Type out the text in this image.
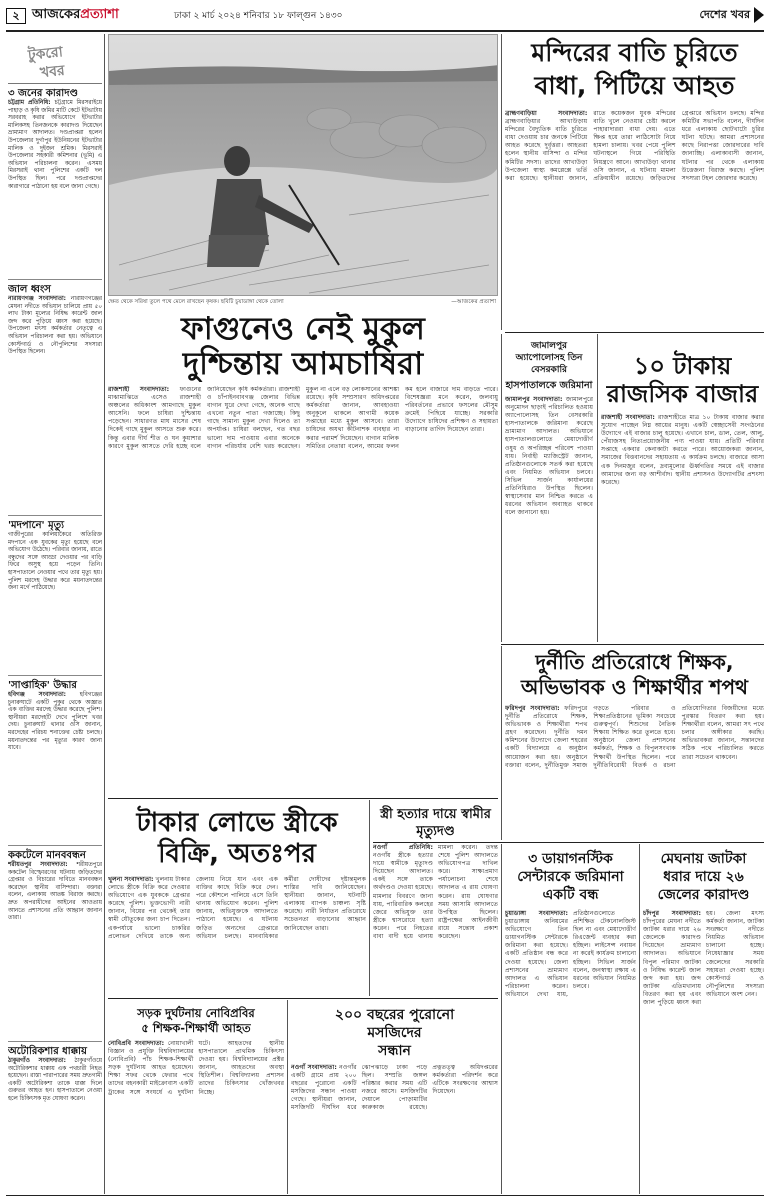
২ আজকেরপ্রত্যাশা	ঢাকা ২ মার্চ ২০২৪ শনিবার ১৮ ফাল্গুন ১৪৩০	দেশের খবর
টুকরো
খবর
৩ জনের কারাদণ্ড
চট্টগ্রাম প্রতিনিধি: চট্টগ্রামে মিরসরাইয়ে পাহাড় ও কৃষি জমির মাটি কেটে ইটভাটায় সরবরাহ করার অভিযোগে ইটভাটার মালিকসহ তিনজনকে কারাদণ্ড দিয়েছেন ভ্রাম্যমাণ আদালত। দণ্ডপ্রাপ্তরা হলেন উপজেলার দুর্গাপুর ইউনিয়নের ইটভাটার মালিক ও দুইজন শ্রমিক। মিরসরাই উপজেলার সহকারী কমিশনার (ভূমি) এ অভিযান পরিচালনা করেন। এসময় মিরসরাই থানা পুলিশের একটি দল উপস্থিত ছিল। পরে দণ্ডপ্রাপ্তদের কারাগারে পাঠানো হয় বলে জানা গেছে।
জাল ধ্বংস
নারায়ণগঞ্জ সংবাদদাতা: নারায়ণগঞ্জের মেঘনা নদীতে অভিযান চালিয়ে প্রায় ৫০ লাখ টাকা মূল্যের নিষিদ্ধ কারেন্ট জাল জব্দ করে পুড়িয়ে ধ্বংস করা হয়েছে। উপজেলা মৎস্য কর্মকর্তার নেতৃত্বে এ অভিযান পরিচালনা করা হয়। অভিযানে কোস্টগার্ড ও নৌপুলিশের সদস্যরা উপস্থিত ছিলেন।
'মদপানে' মৃত্যু
গাজীপুরের কালিয়াকৈরে অতিরিক্ত মদপানে এক যুবকের মৃত্যু হয়েছে বলে অভিযোগ উঠেছে। পরিবার জানায়, রাতে বন্ধুদের সঙ্গে আড্ডা দেওয়ার পর বাড়ি ফিরে অসুস্থ হয়ে পড়েন তিনি। হাসপাতালে নেওয়ার পথে তার মৃত্যু হয়। পুলিশ মরদেহ উদ্ধার করে ময়নাতদন্তের জন্য মর্গে পাঠিয়েছে।
'সাপ্তাহিক' উদ্ধার
হবিগঞ্জ সংবাদদাতা: হবিগঞ্জের চুনারুঘাটে একটি পুকুর থেকে অজ্ঞাত এক ব্যক্তির মরদেহ উদ্ধার করেছে পুলিশ। স্থানীয়রা মরদেহটি দেখে পুলিশে খবর দেয়। চুনারুঘাট থানার ওসি জানান, মরদেহের পরিচয় শনাক্তের চেষ্টা চলছে। ময়নাতদন্তের পর মৃত্যুর কারণ জানা যাবে।
ককটেলে মানববন্ধন
শরীয়তপুর সংবাদদাতা: শরীয়তপুরে ককটেল বিস্ফোরণের ঘটনায় জড়িতদের গ্রেপ্তার ও বিচারের দাবিতে মানববন্ধন করেছেন স্থানীয় বাসিন্দারা। বক্তারা বলেন, এলাকায় আতঙ্ক বিরাজ করছে। দ্রুত অপরাধীদের আইনের আওতায় আনতে প্রশাসনের প্রতি আহ্বান জানান তারা।
অটোরিকশার ধাক্কায়
ঠাকুরগাঁও সংবাদদাতা: ঠাকুরগাঁওয়ে অটোরিকশার ধাক্কায় এক পথচারী নিহত হয়েছেন। রাস্তা পারাপারের সময় দ্রুতগামী একটি অটোরিকশা তাকে ধাক্কা দিলে গুরুতর আহত হন। হাসপাতালে নেওয়া হলে চিকিৎসক মৃত ঘোষণা করেন।
ক্ষেত থেকে সরিষা তুলে পথে মেলে রাখছেন কৃষক। ছবিটি চুয়াডাঙ্গা থেকে তোলা	—আজকের প্রত্যাশা
মন্দিরের বাতি চুরিতে বাধা, পিটিয়ে আহত
ব্রাহ্মণবাড়িয়া সংবাদদাতা: ব্রাহ্মণবাড়িয়ার আখাউড়ায় মন্দিরের বৈদ্যুতিক বাতি চুরিতে বাধা দেওয়ায় চার জনকে পিটিয়ে আহত করেছে দুর্বৃত্তরা। আহতরা হলেন স্থানীয় বাসিন্দা ও মন্দির কমিটির সদস্য। তাদের আখাউড়া উপজেলা স্বাস্থ্য কমপ্লেক্সে ভর্তি করা হয়েছে। স্থানীয়রা জানান, রাতে কয়েকজন যুবক মন্দিরের বাতি খুলে নেওয়ার চেষ্টা করলে পাহারাদাররা বাধা দেয়। এতে ক্ষিপ্ত হয়ে তারা লাঠিসোটা নিয়ে হামলা চালায়। খবর পেয়ে পুলিশ ঘটনাস্থলে গিয়ে পরিস্থিতি নিয়ন্ত্রণে আনে। আখাউড়া থানার ওসি জানান, এ ঘটনায় মামলা প্রক্রিয়াধীন রয়েছে। জড়িতদের গ্রেপ্তারে অভিযান চলছে। মন্দির কমিটির সভাপতি বলেন, দীর্ঘদিন ধরে এলাকায় ছোটখাটো চুরির ঘটনা ঘটছে। আমরা প্রশাসনের কাছে নিরাপত্তা জোরদারের দাবি জানাচ্ছি। এলাকাবাসী জানান, ঘটনার পর থেকে এলাকায় উত্তেজনা বিরাজ করছে। পুলিশ সদস্যরা টহল জোরদার করেছে।
ফাগুনেও নেই মুকুল
দুশ্চিন্তায় আমচাষিরা
রাজশাহী সংবাদদাতা: ফাগুনের মাঝামাঝিতে এসেও রাজশাহী অঞ্চলের অধিকাংশ আমগাছে মুকুল আসেনি। ফলে চাষিরা দুশ্চিন্তায় পড়েছেন। সাধারণত মাঘ মাসের শেষ দিকেই গাছে মুকুল আসতে শুরু করে। কিন্তু এবার দীর্ঘ শীত ও ঘন কুয়াশার কারণে মুকুল আসতে দেরি হচ্ছে বলে জানিয়েছেন কৃষি কর্মকর্তারা। রাজশাহী ও চাঁপাইনবাবগঞ্জ জেলার বিভিন্ন বাগান ঘুরে দেখা গেছে, অনেক গাছে এখনো নতুন পাতা গজাচ্ছে। কিছু গাছে সামান্য মুকুল দেখা দিলেও তা অপর্যাপ্ত। চাষিরা বলছেন, গত বছর ভালো দাম পাওয়ায় এবার অনেকে বাগান পরিচর্যায় বেশি খরচ করেছেন। মুকুল না এলে বড় লোকসানের আশঙ্কা রয়েছে। কৃষি সম্প্রসারণ অধিদপ্তরের কর্মকর্তারা জানান, আবহাওয়া অনুকূলে থাকলে আগামী কয়েক সপ্তাহের মধ্যে মুকুল আসবে। তারা চাষিদের অযথা কীটনাশক ব্যবহার না করার পরামর্শ দিয়েছেন। বাগান মালিক সমিতির নেতারা বলেন, আমের ফলন কম হলে বাজারে দাম বাড়তে পারে। বিশেষজ্ঞরা মনে করেন, জলবায়ু পরিবর্তনের প্রভাবে ফসলের মৌসুম ক্রমেই পিছিয়ে যাচ্ছে। সরকারি উদ্যোগে চাষিদের প্রশিক্ষণ ও সহায়তা বাড়ানোর তাগিদ দিয়েছেন তারা।
জামালপুর
অ্যাপোলোসহ তিন বেসরকারি
হাসপাতালকে জরিমানা
জামালপুর সংবাদদাতা: জামালপুরে অনুমোদন ছাড়াই পরিচালিত হওয়ায় অ্যাপোলোসহ তিন বেসরকারি হাসপাতালকে জরিমানা করেছে ভ্রাম্যমাণ আদালত। অভিযানে হাসপাতালগুলোতে মেয়াদোত্তীর্ণ ওষুধ ও অপরিচ্ছন্ন পরিবেশ পাওয়া যায়। নির্বাহী ম্যাজিস্ট্রেট জানান, প্রতিষ্ঠানগুলোকে সতর্ক করা হয়েছে এবং নিয়মিত অভিযান চলবে। সিভিল সার্জন কার্যালয়ের প্রতিনিধিরাও উপস্থিত ছিলেন। স্বাস্থ্যসেবার মান নিশ্চিত করতে এ ধরনের অভিযান অব্যাহত থাকবে বলে জানানো হয়।
১০ টাকায়
রাজসিক বাজার
রাজশাহী সংবাদদাতা: রাজশাহীতে মাত্র ১০ টাকায় বাজার করার সুযোগ পাচ্ছেন নিম্ন আয়ের মানুষ। একটি স্বেচ্ছাসেবী সংগঠনের উদ্যোগে এই বাজার চালু হয়েছে। এখানে চাল, ডাল, তেল, আলু, পেঁয়াজসহ নিত্যপ্রয়োজনীয় পণ্য পাওয়া যায়। প্রতিটি পরিবার সপ্তাহে একবার কেনাকাটা করতে পারে। আয়োজকরা জানান, সমাজের বিত্তবানদের সহায়তায় এ কার্যক্রম চলছে। বাজারে আসা এক দিনমজুর বলেন, দ্রব্যমূল্যের ঊর্ধ্বগতির সময়ে এই বাজার আমাদের জন্য বড় আশীর্বাদ। স্থানীয় প্রশাসনও উদ্যোগটির প্রশংসা করেছে।
দুর্নীতি প্রতিরোধে শিক্ষক,
অভিভাবক ও শিক্ষার্থীর শপথ
ফরিদপুর সংবাদদাতা: ফরিদপুরে দুর্নীতি প্রতিরোধে শিক্ষক, অভিভাবক ও শিক্ষার্থীরা শপথ গ্রহণ করেছেন। দুর্নীতি দমন কমিশনের উদ্যোগে জেলা শহরের একটি বিদ্যালয়ে এ অনুষ্ঠান আয়োজন করা হয়। অনুষ্ঠানে বক্তারা বলেন, দুর্নীতিমুক্ত সমাজ গড়তে পরিবার ও শিক্ষাপ্রতিষ্ঠানের ভূমিকা সবচেয়ে গুরুত্বপূর্ণ। শিশুদের নৈতিক শিক্ষায় শিক্ষিত করে তুলতে হবে। অনুষ্ঠানে জেলা প্রশাসনের কর্মকর্তা, শিক্ষক ও বিপুলসংখ্যক শিক্ষার্থী উপস্থিত ছিলেন। পরে দুর্নীতিবিরোধী বিতর্ক ও রচনা প্রতিযোগিতার বিজয়ীদের মধ্যে পুরস্কার বিতরণ করা হয়। শিক্ষার্থীরা বলেন, আমরা সৎ পথে চলার অঙ্গীকার করছি। অভিভাবকরা জানান, সন্তানদের সঠিক পথে পরিচালিত করতে তারা সচেতন থাকবেন।
টাকার লোভে স্ত্রীকে
বিক্রি, অতঃপর
খুলনা সংবাদদাতা: খুলনায় টাকার লোভে স্ত্রীকে বিক্রি করে দেওয়ার অভিযোগে এক যুবককে গ্রেপ্তার করেছে পুলিশ। ভুক্তভোগী নারী জানান, বিয়ের পর থেকেই তার স্বামী যৌতুকের জন্য চাপ দিতেন। একপর্যায়ে ভালো চাকরির প্রলোভন দেখিয়ে তাকে অন্য জেলায় নিয়ে যান এবং এক ব্যক্তির কাছে বিক্রি করে দেন। পরে কৌশলে পালিয়ে এসে তিনি থানায় অভিযোগ করেন। পুলিশ জানায়, অভিযুক্তকে আদালতে পাঠানো হয়েছে। এ ঘটনায় জড়িত অন্যদের গ্রেপ্তারে অভিযান চলছে। মানবাধিকার কর্মীরা দোষীদের দৃষ্টান্তমূলক শাস্তির দাবি জানিয়েছেন। স্থানীয়রা জানান, ঘটনাটি এলাকায় ব্যাপক চাঞ্চল্য সৃষ্টি করেছে। নারী নির্যাতন প্রতিরোধে সচেতনতা বাড়ানোর আহ্বান জানিয়েছেন তারা।
স্ত্রী হত্যার দায়ে স্বামীর মৃত্যুদণ্ড
নওগাঁ প্রতিনিধি: নওগাঁয় স্ত্রীকে হত্যার দায়ে স্বামীকে মৃত্যুদণ্ড দিয়েছেন আদালত। একই সঙ্গে তাকে অর্থদণ্ডও দেওয়া হয়েছে। মামলার বিবরণে জানা যায়, পারিবারিক কলহের জেরে অভিযুক্ত তার স্ত্রীকে শ্বাসরোধে হত্যা করেন। পরে নিহতের বাবা বাদী হয়ে থানায় মামলা করেন। তদন্ত শেষে পুলিশ আদালতে অভিযোগপত্র দাখিল করে। সাক্ষ্যপ্রমাণ পর্যালোচনা শেষে আদালত এ রায় ঘোষণা করেন। রায় ঘোষণার সময় আসামি আদালতে উপস্থিত ছিলেন। রাষ্ট্রপক্ষের আইনজীবী রায়ে সন্তোষ প্রকাশ করেছেন।
৩ ডায়াগনস্টিক
সেন্টারকে জরিমানা
একটি বন্ধ
চুয়াডাঙ্গা সংবাদদাতা: চুয়াডাঙ্গায় অনিয়মের অভিযোগে তিন ডায়াগনস্টিক সেন্টারকে জরিমানা করা হয়েছে। একটি প্রতিষ্ঠান বন্ধ করে দেওয়া হয়েছে। জেলা প্রশাসনের ভ্রাম্যমাণ আদালত এ অভিযান পরিচালনা করেন। অভিযানে দেখা যায়, প্রতিষ্ঠানগুলোতে প্রশিক্ষিত টেকনোলজিস্ট ছিল না এবং মেয়াদোত্তীর্ণ রিএজেন্ট ব্যবহার করা হচ্ছিল। লাইসেন্স নবায়ন না করেই কার্যক্রম চালানো হচ্ছিল। সিভিল সার্জন বলেন, জনস্বাস্থ্য রক্ষায় এ ধরনের অভিযান নিয়মিত চলবে।
মেঘনায় জাটকা
ধরার দায়ে ২৬
জেলের কারাদণ্ড
চাঁদপুর সংবাদদাতা: চাঁদপুরের মেঘনা নদীতে জাটকা ধরার দায়ে ২৬ জেলেকে কারাদণ্ড দিয়েছেন ভ্রাম্যমাণ আদালত। অভিযানে বিপুল পরিমাণ জাটকা ও নিষিদ্ধ কারেন্ট জাল জব্দ করা হয়। জব্দ জাটকা এতিমখানায় বিতরণ করা হয় এবং জাল পুড়িয়ে ধ্বংস করা হয়। জেলা মৎস্য কর্মকর্তা জানান, জাটকা সংরক্ষণে নদীতে নিয়মিত অভিযান চালানো হচ্ছে। নিষেধাজ্ঞার সময় জেলেদের সরকারি সহায়তা দেওয়া হচ্ছে। কোস্টগার্ড ও নৌপুলিশের সদস্যরা অভিযানে অংশ নেন।
সড়ক দুর্ঘটনায় নোবিপ্রবির
৫ শিক্ষক-শিক্ষার্থী আহত
নোবিপ্রবি সংবাদদাতা: নোয়াখালী বিজ্ঞান ও প্রযুক্তি বিশ্ববিদ্যালয়ের (নোবিপ্রবি) পাঁচ শিক্ষক-শিক্ষার্থী সড়ক দুর্ঘটনায় আহত হয়েছেন। শিক্ষা সফর থেকে ফেরার পথে তাদের বহনকারী মাইক্রোবাস একটি ট্রাকের সঙ্গে সংঘর্ষে এ দুর্ঘটনা ঘটে। আহতদের স্থানীয় হাসপাতালে প্রাথমিক চিকিৎসা দেওয়া হয়। বিশ্ববিদ্যালয়ের প্রক্টর জানান, আহতদের অবস্থা স্থিতিশীল। বিশ্ববিদ্যালয় প্রশাসন তাদের চিকিৎসার খোঁজখবর নিচ্ছে।
২০০ বছরের পুরোনো
মসজিদের
সন্ধান
নওগাঁ সংবাদদাতা: নওগাঁর একটি গ্রামে প্রায় ২০০ বছরের পুরোনো একটি মসজিদের সন্ধান পাওয়া গেছে। স্থানীয়রা জানান, মসজিদটি দীর্ঘদিন ধরে ঝোপঝাড়ে ঢাকা পড়ে ছিল। সম্প্রতি জঙ্গল পরিষ্কার করার সময় এটি নজরে আসে। মসজিদটির দেয়ালে পোড়ামাটির কারুকাজ রয়েছে। প্রত্নতত্ত্ব অধিদপ্তরের কর্মকর্তারা পরিদর্শন করে এটিকে সংরক্ষণের আশ্বাস দিয়েছেন।
